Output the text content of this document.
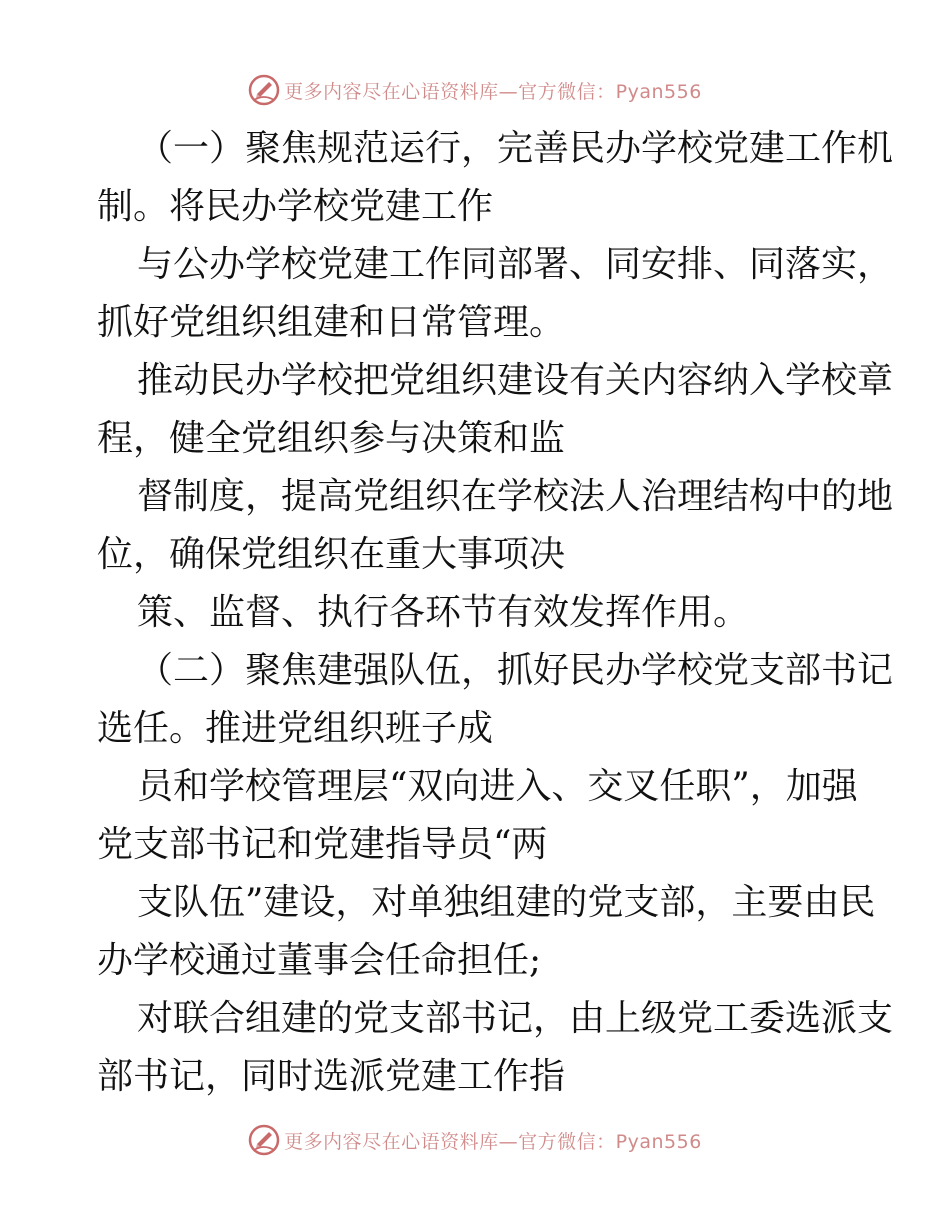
更多内容尽在心语资料库—官方微信：Pyan556
（一）聚焦规范运行，完善民办学校党建工作机
制。将民办学校党建工作
与公办学校党建工作同部署、同安排、同落实，
抓好党组织组建和日常管理。
推动民办学校把党组织建设有关内容纳入学校章
程，健全党组织参与决策和监
督制度，提高党组织在学校法人治理结构中的地
位，确保党组织在重大事项决
策、监督、执行各环节有效发挥作用。
（二）聚焦建强队伍，抓好民办学校党支部书记
选任。推进党组织班子成
员和学校管理层“双向进入、交叉任职”，加强
党支部书记和党建指导员“两
支队伍”建设，对单独组建的党支部，主要由民
办学校通过董事会任命担任;
对联合组建的党支部书记，由上级党工委选派支
部书记，同时选派党建工作指
更多内容尽在心语资料库—官方微信：Pyan556
